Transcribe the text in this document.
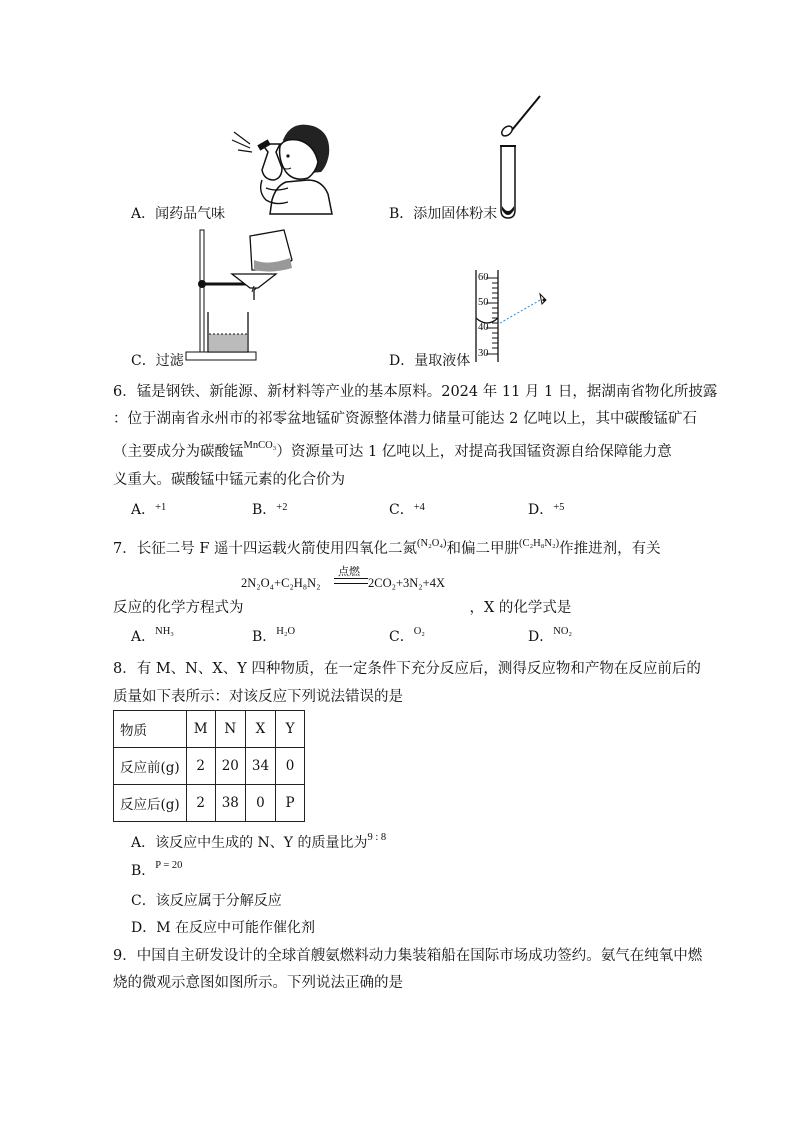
A．闻药品气味	B．添加固体粉末
C．过滤
60
50
40
30
D．量取液体
6．锰是钢铁、新能源、新材料等产业的基本原料。2024 年 11 月 1 日，据湖南省物化所披露
：位于湖南省永州市的祁零盆地锰矿资源整体潜力储量可能达 2 亿吨以上，其中碳酸锰矿石
（主要成分为碳酸锰$^{MnCO_3}$）资源量可达 1 亿吨以上，对提高我国锰资源自给保障能力意
义重大。碳酸锰中锰元素的化合价为
A．$^{+1}$	B．$^{+2}$	C．$^{+4}$	D．$^{+5}$
7．长征二号 F 遥十四运载火箭使用四氧化二氮$^{(N_2O_4)}$和偏二甲肼$^{(C_2H_8N_2)}$作推进剂，有关
点燃
2N₂O₄+C₂H₈N₂	2CO₂+3N₂+4X
反应的化学方程式为	，X 的化学式是
A．$^{NH_3}$	B．$^{H_2O}$	C．$^{O_2}$	D．$^{NO_2}$
8．有 M、N、X、Y 四种物质，在一定条件下充分反应后，测得反应物和产物在反应前后的
质量如下表所示：对该反应下列说法错误的是
物质	M	N	X	Y
反应前(g)	2	20	34	0
反应后(g)	2	38	0	P
A．该反应中生成的 N、Y 的质量比为$^{9 : 8}$
B．$^{P = 20}$
C．该反应属于分解反应
D．M 在反应中可能作催化剂
9．中国自主研发设计的全球首艘氨燃料动力集装箱船在国际市场成功签约。氨气在纯氧中燃
烧的微观示意图如图所示。下列说法正确的是
